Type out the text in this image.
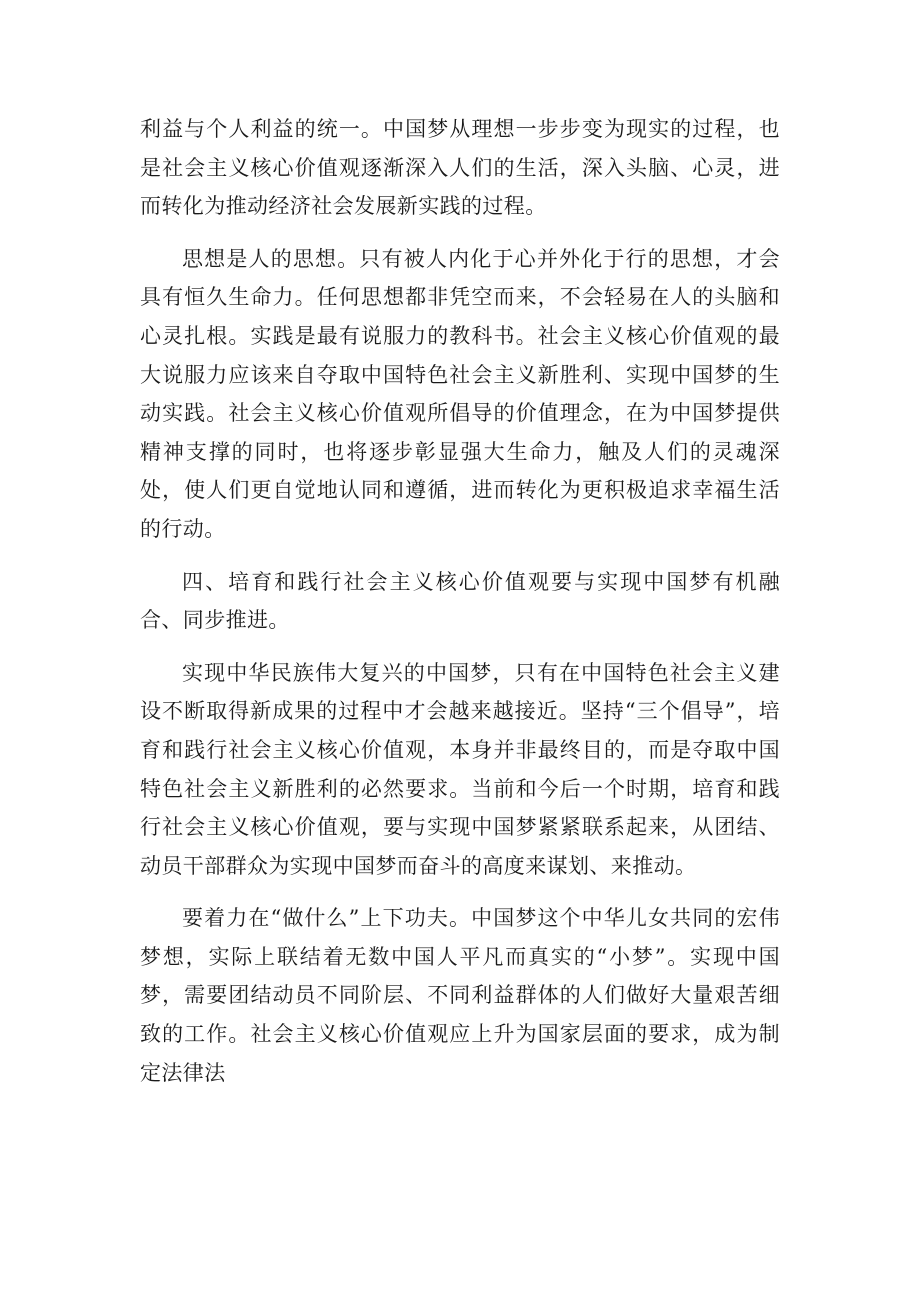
利益与个人利益的统一。中国梦从理想一步步变为现实的过程，也是社会主义核心价值观逐渐深入人们的生活，深入头脑、心灵，进而转化为推动经济社会发展新实践的过程。

思想是人的思想。只有被人内化于心并外化于行的思想，才会具有恒久生命力。任何思想都非凭空而来，不会轻易在人的头脑和心灵扎根。实践是最有说服力的教科书。社会主义核心价值观的最大说服力应该来自夺取中国特色社会主义新胜利、实现中国梦的生动实践。社会主义核心价值观所倡导的价值理念，在为中国梦提供精神支撑的同时，也将逐步彰显强大生命力，触及人们的灵魂深处，使人们更自觉地认同和遵循，进而转化为更积极追求幸福生活的行动。

四、培育和践行社会主义核心价值观要与实现中国梦有机融合、同步推进。

实现中华民族伟大复兴的中国梦，只有在中国特色社会主义建设不断取得新成果的过程中才会越来越接近。坚持“三个倡导”，培育和践行社会主义核心价值观，本身并非最终目的，而是夺取中国特色社会主义新胜利的必然要求。当前和今后一个时期，培育和践行社会主义核心价值观，要与实现中国梦紧紧联系起来，从团结、动员干部群众为实现中国梦而奋斗的高度来谋划、来推动。

要着力在“做什么”上下功夫。中国梦这个中华儿女共同的宏伟梦想，实际上联结着无数中国人平凡而真实的“小梦”。实现中国梦，需要团结动员不同阶层、不同利益群体的人们做好大量艰苦细致的工作。社会主义核心价值观应上升为国家层面的要求，成为制定法律法
